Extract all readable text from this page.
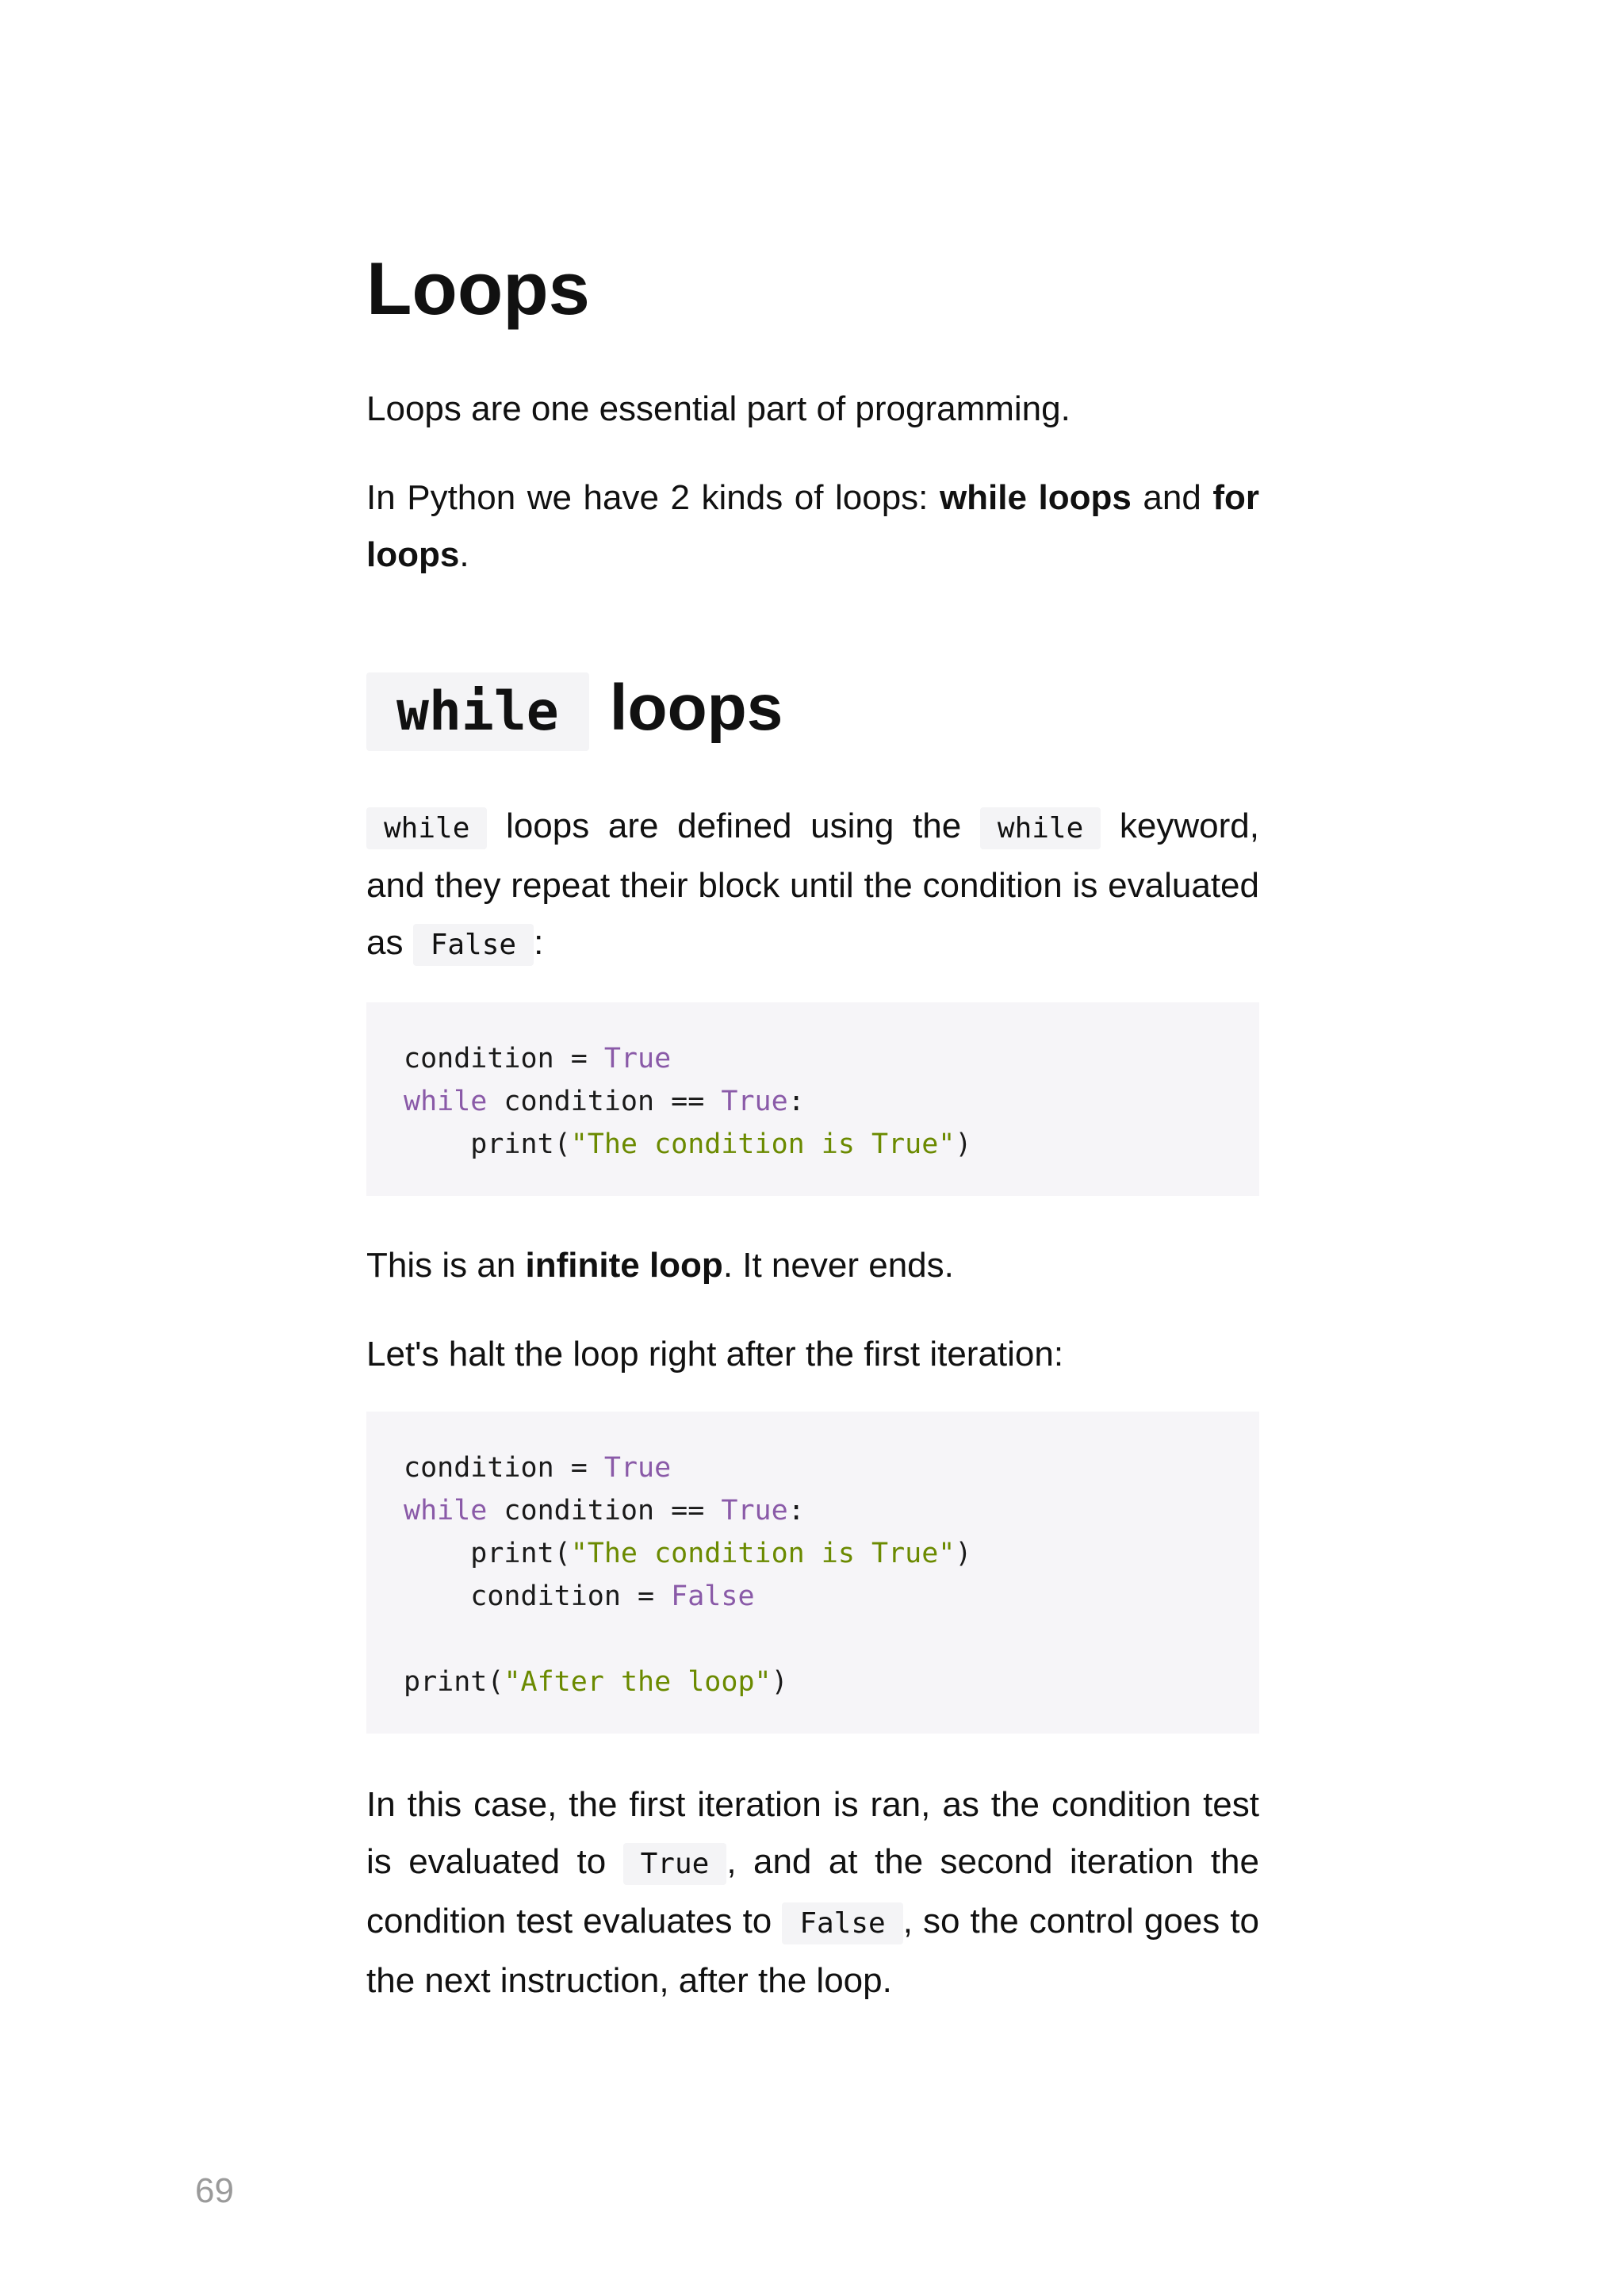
Loops

Loops are one essential part of programming.

In Python we have 2 kinds of loops: while loops and for loops.

while loops

while loops are defined using the while keyword, and they repeat their block until the condition is evaluated as False :

condition = True
while condition == True:
print("The condition is True")

This is an infinite loop. It never ends.

Let's halt the loop right after the first iteration:

condition = True
while condition == True:
print("The condition is True")
condition = False

print("After the loop")

In this case, the first iteration is ran, as the condition test is evaluated to True , and at the second iteration the condition test evaluates to False , so the control goes to the next instruction, after the loop.

69
